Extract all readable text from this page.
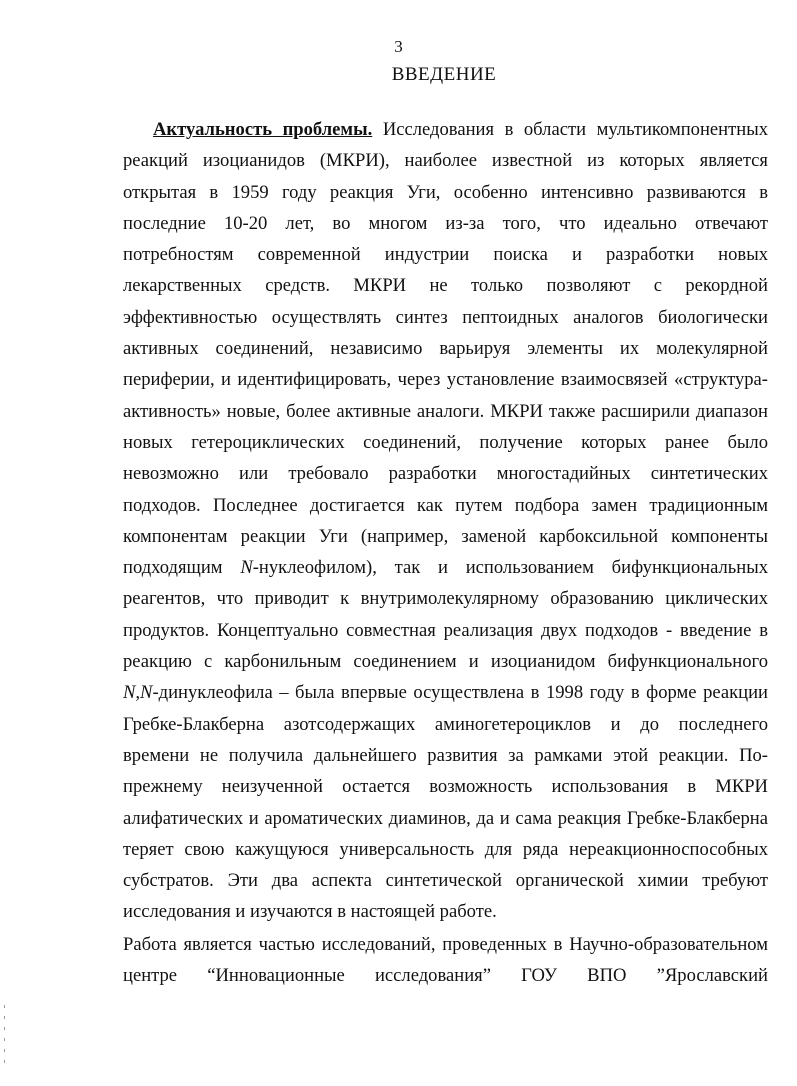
3
ВВЕДЕНИЕ
Актуальность проблемы. Исследования в области мультикомпонентных
реакций изоцианидов (МКРИ), наиболее известной из которых является
открытая в 1959 году реакция Уги, особенно интенсивно развиваются в
последние 10-20 лет, во многом из-за того, что идеально отвечают
потребностям современной индустрии поиска и разработки новых
лекарственных средств. МКРИ не только позволяют с рекордной
эффективностью осуществлять синтез пептоидных аналогов биологически
активных соединений, независимо варьируя элементы их молекулярной
периферии, и идентифицировать, через установление взаимосвязей «структура-
активность» новые, более активные аналоги. МКРИ также расширили диапазон
новых гетероциклических соединений, получение которых ранее было
невозможно или требовало разработки многостадийных синтетических
подходов. Последнее достигается как путем подбора замен традиционным
компонентам реакции Уги (например, заменой карбоксильной компоненты
подходящим N-нуклеофилом), так и использованием бифункциональных
реагентов, что приводит к внутримолекулярному образованию циклических
продуктов. Концептуально совместная реализация двух подходов - введение в
реакцию с карбонильным соединением и изоцианидом бифункционального
N,N-динуклеофила – была впервые осуществлена в 1998 году в форме реакции
Гребке-Блакберна азотсодержащих аминогетероциклов и до последнего
времени не получила дальнейшего развития за рамками этой реакции. По-
прежнему неизученной остается возможность использования в МКРИ
алифатических и ароматических диаминов, да и сама реакция Гребке-Блакберна
теряет свою кажущуюся универсальность для ряда нереакционноспособных
субстратов. Эти два аспекта синтетической органической химии требуют
исследования и изучаются в настоящей работе.
Работа является частью исследований, проведенных в Научно-образовательном
центре “Инновационные исследования” ГОУ ВПО ”Ярославский
